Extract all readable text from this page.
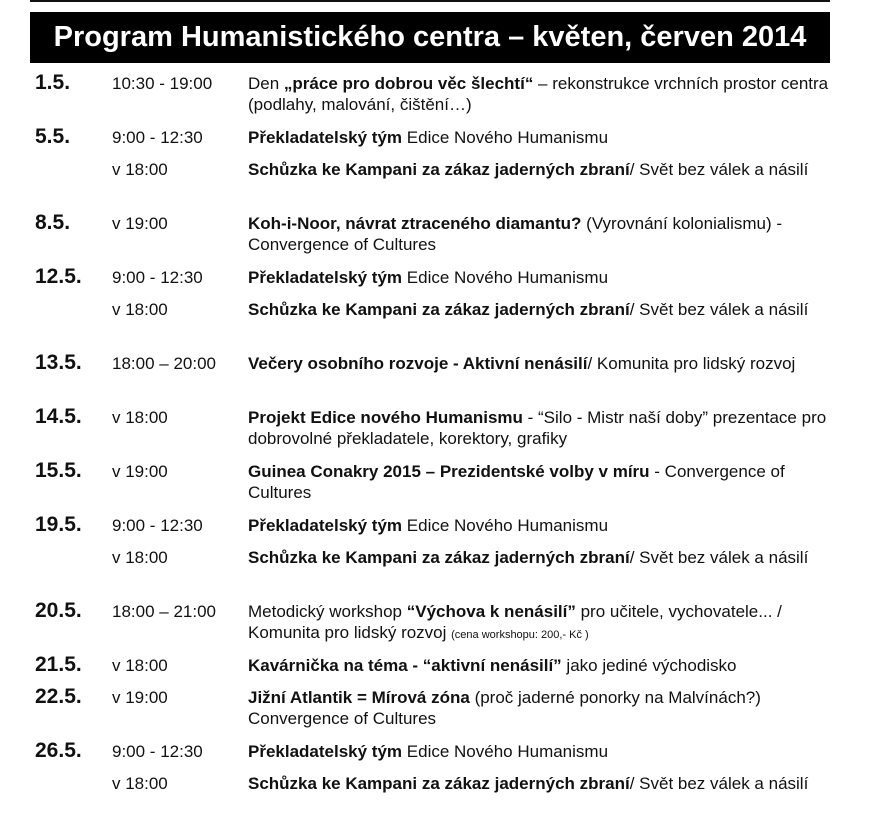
Program Humanistického centra – květen, červen 2014
1.5.	10:30 - 19:00	Den „práce pro dobrou věc šlechtí“ – rekonstrukce vrchních prostor centra (podlahy, malování, čištění…)
5.5.	9:00 - 12:30	Překladatelský tým Edice Nového Humanismu
v 18:00	Schůzka ke Kampani za zákaz jaderných zbraní/ Svět bez válek a násilí
8.5.	v 19:00	Koh-i-Noor, návrat ztraceného diamantu? (Vyrovnání kolonialismu) - Convergence of Cultures
12.5.	9:00 - 12:30	Překladatelský tým Edice Nového Humanismu
v 18:00	Schůzka ke Kampani za zákaz jaderných zbraní/ Svět bez válek a násilí
13.5.	18:00 – 20:00	Večery osobního rozvoje - Aktivní nenásilí/ Komunita pro lidský rozvoj
14.5.	v 18:00	Projekt Edice nového Humanismu - “Silo - Mistr naší doby” prezentace pro dobrovolné překladatele, korektory, grafiky
15.5.	v 19:00	Guinea Conakry 2015 – Prezidentské volby v míru - Convergence of Cultures
19.5.	9:00 - 12:30	Překladatelský tým Edice Nového Humanismu
v 18:00	Schůzka ke Kampani za zákaz jaderných zbraní/ Svět bez válek a násilí
20.5.	18:00 – 21:00	Metodický workshop “Výchova k nenásilí” pro učitele, vychovatele... / Komunita pro lidský rozvoj (cena workshopu: 200,- Kč )
21.5.	v 18:00	Kavárnička na téma - “aktivní nenásilí” jako jediné východisko
22.5.	v 19:00	Jižní Atlantik = Mírová zóna (proč jaderné ponorky na Malvínách?) Convergence of Cultures
26.5.	9:00 - 12:30	Překladatelský tým Edice Nového Humanismu
v 18:00	Schůzka ke Kampani za zákaz jaderných zbraní/ Svět bez válek a násilí
